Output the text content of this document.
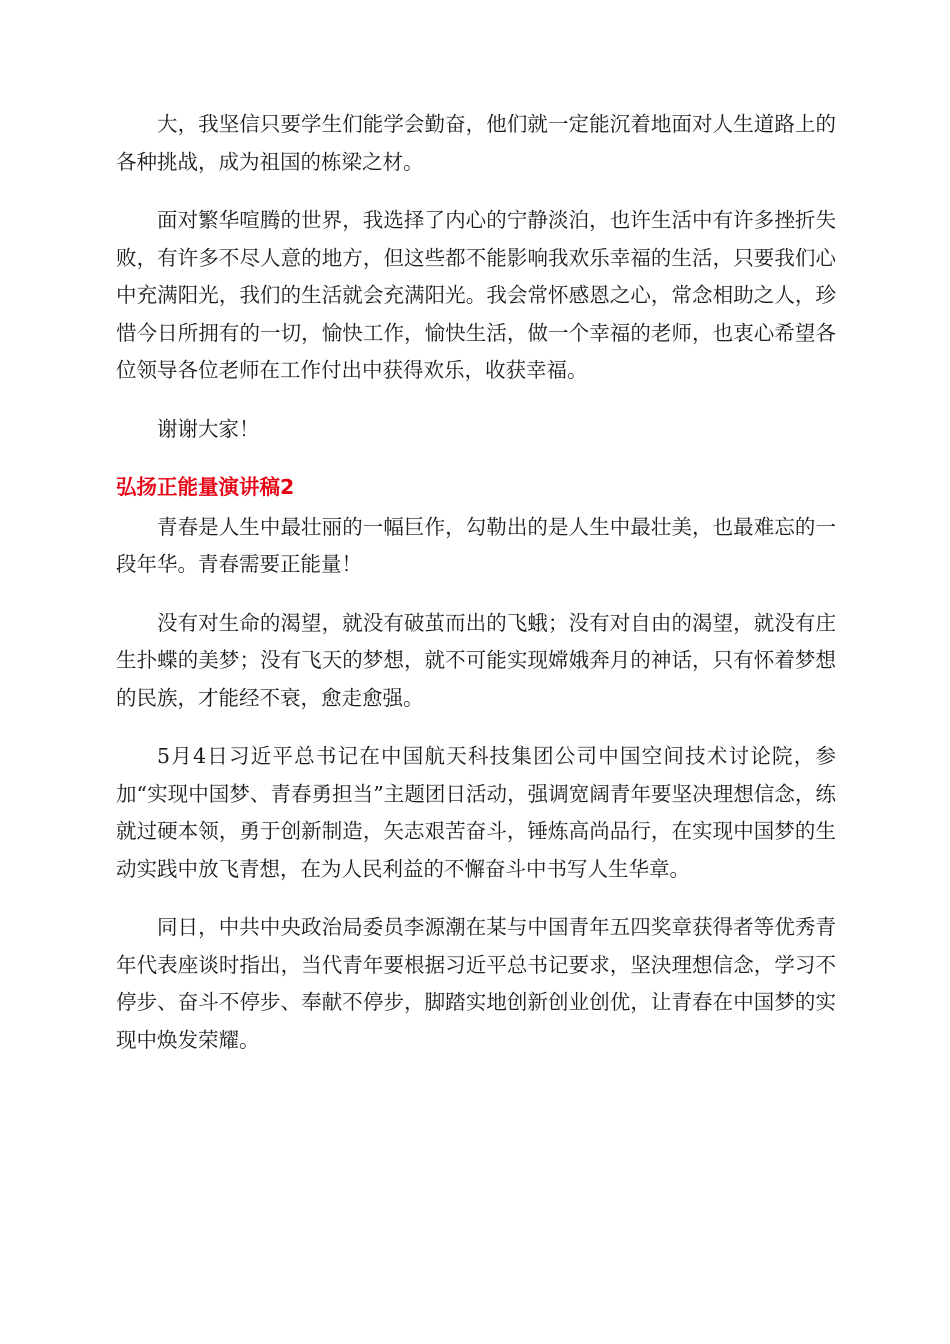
大，我坚信只要学生们能学会勤奋，他们就一定能沉着地面对人生道路上的各种挑战，成为祖国的栋梁之材。

面对繁华喧腾的世界，我选择了内心的宁静淡泊，也许生活中有许多挫折失败，有许多不尽人意的地方，但这些都不能影响我欢乐幸福的生活，只要我们心中充满阳光，我们的生活就会充满阳光。我会常怀感恩之心，常念相助之人，珍惜今日所拥有的一切，愉快工作，愉快生活，做一个幸福的老师，也衷心希望各位领导各位老师在工作付出中获得欢乐，收获幸福。

谢谢大家！

弘扬正能量演讲稿2

青春是人生中最壮丽的一幅巨作，勾勒出的是人生中最壮美，也最难忘的一段年华。青春需要正能量！

没有对生命的渴望，就没有破茧而出的飞蛾；没有对自由的渴望，就没有庄生扑蝶的美梦；没有飞天的梦想，就不可能实现嫦娥奔月的神话，只有怀着梦想的民族，才能经不衰，愈走愈强。

5月4日习近平总书记在中国航天科技集团公司中国空间技术讨论院，参加“实现中国梦、青春勇担当”主题团日活动，强调宽阔青年要坚决理想信念，练就过硬本领，勇于创新制造，矢志艰苦奋斗，锤炼高尚品行，在实现中国梦的生动实践中放飞青想，在为人民利益的不懈奋斗中书写人生华章。

同日，中共中央政治局委员李源潮在某与中国青年五四奖章获得者等优秀青年代表座谈时指出，当代青年要根据习近平总书记要求，坚決理想信念，学习不停步、奋斗不停步、奉献不停步，脚踏实地创新创业创优，让青春在中国梦的实现中焕发荣耀。
